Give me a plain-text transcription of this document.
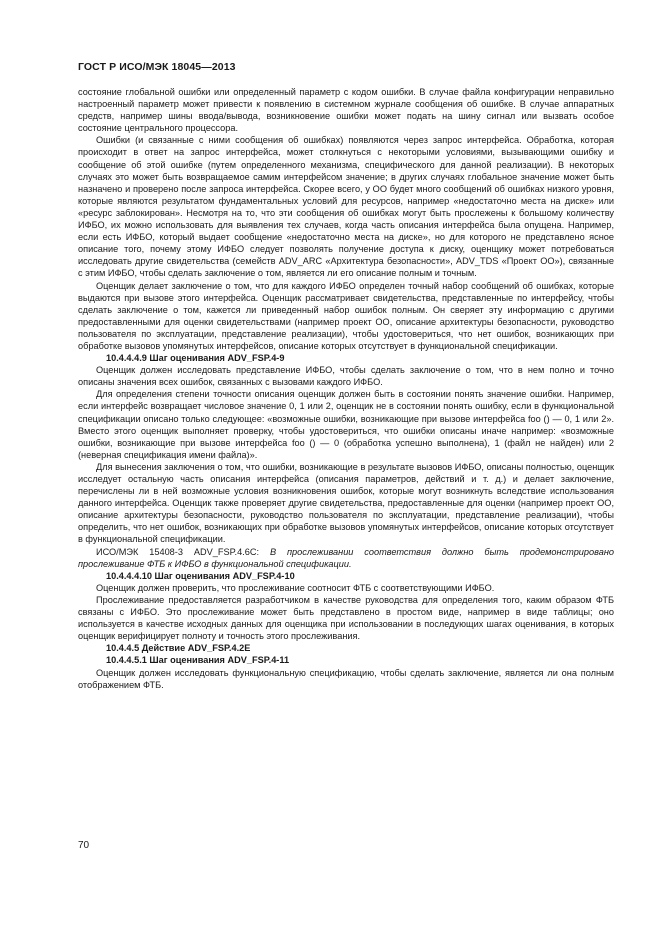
ГОСТ Р ИСО/МЭК 18045—2013

состояние глобальной ошибки или определенный параметр с кодом ошибки. В случае файла конфигурации неправильно настроенный параметр может привести к появлению в системном журнале сообщения об ошибке. В случае аппаратных средств, например шины ввода/вывода, возникновение ошибки может подать на шину сигнал или вызвать особое состояние центрального процессора.

Ошибки (и связанные с ними сообщения об ошибках) появляются через запрос интерфейса. Обработка, которая происходит в ответ на запрос интерфейса, может столкнуться с некоторыми условиями, вызывающими ошибку и сообщение об этой ошибке (путем определенного механизма, специфического для данной реализации). В некоторых случаях это может быть возвращаемое самим интерфейсом значение; в других случаях глобальное значение может быть назначено и проверено после запроса интерфейса. Скорее всего, у ОО будет много сообщений об ошибках низкого уровня, которые являются результатом фундаментальных условий для ресурсов, например «недостаточно места на диске» или «ресурс заблокирован». Несмотря на то, что эти сообщения об ошибках могут быть прослежены к большому количеству ИФБО, их можно использовать для выявления тех случаев, когда часть описания интерфейса была опущена. Например, если есть ИФБО, который выдает сообщение «недостаточно места на диске», но для которого не представлено ясное описание того, почему этому ИФБО следует позволять получение доступа к диску, оценщику может потребоваться исследовать другие свидетельства (семейств ADV_ARC «Архитектура безопасности», ADV_TDS «Проект ОО»), связанные с этим ИФБО, чтобы сделать заключение о том, является ли его описание полным и точным.

Оценщик делает заключение о том, что для каждого ИФБО определен точный набор сообщений об ошибках, которые выдаются при вызове этого интерфейса. Оценщик рассматривает свидетельства, представленные по интерфейсу, чтобы сделать заключение о том, кажется ли приведенный набор ошибок полным. Он сверяет эту информацию с другими предоставленными для оценки свидетельствами (например проект ОО, описание архитектуры безопасности, руководство пользователя по эксплуатации, представление реализации), чтобы удостовериться, что нет ошибок, возникающих при обработке вызовов упомянутых интерфейсов, описание которых отсутствует в функциональной спецификации.

10.4.4.4.9 Шаг оценивания ADV_FSP.4-9

Оценщик должен исследовать представление ИФБО, чтобы сделать заключение о том, что в нем полно и точно описаны значения всех ошибок, связанных с вызовами каждого ИФБО.

Для определения степени точности описания оценщик должен быть в состоянии понять значение ошибки. Например, если интерфейс возвращает числовое значение 0, 1 или 2, оценщик не в состоянии понять ошибку, если в функциональной спецификации описано только следующее: «возможные ошибки, возникающие при вызове интерфейса foo () — 0, 1 или 2». Вместо этого оценщик выполняет проверку, чтобы удостовериться, что ошибки описаны иначе например: «возможные ошибки, возникающие при вызове интерфейса foo () — 0 (обработка успешно выполнена), 1 (файл не найден) или 2 (неверная спецификация имени файла)».

Для вынесения заключения о том, что ошибки, возникающие в результате вызовов ИФБО, описаны полностью, оценщик исследует остальную часть описания интерфейса (описания параметров, действий и т. д.) и делает заключение, перечислены ли в ней возможные условия возникновения ошибок, которые могут возникнуть вследствие использования данного интерфейса. Оценщик также проверяет другие свидетельства, предоставленные для оценки (например проект ОО, описание архитектуры безопасности, руководство пользователя по эксплуатации, представление реализации), чтобы определить, что нет ошибок, возникающих при обработке вызовов упомянутых интерфейсов, описание которых отсутствует в функциональной спецификации.

ИСО/МЭК 15408-3 ADV_FSP.4.6C: В прослеживании соответствия должно быть продемонстрировано прослеживание ФТБ к ИФБО в функциональной спецификации.

10.4.4.4.10 Шаг оценивания ADV_FSP.4-10

Оценщик должен проверить, что прослеживание соотносит ФТБ с соответствующими ИФБО.

Прослеживание предоставляется разработчиком в качестве руководства для определения того, каким образом ФТБ связаны с ИФБО. Это прослеживание может быть представлено в простом виде, например в виде таблицы; оно используется в качестве исходных данных для оценщика при использовании в последующих шагах оценивания, в которых оценщик верифицирует полноту и точность этого прослеживания.

10.4.4.5 Действие ADV_FSP.4.2E

10.4.4.5.1 Шаг оценивания ADV_FSP.4-11

Оценщик должен исследовать функциональную спецификацию, чтобы сделать заключение, является ли она полным отображением ФТБ.

70
